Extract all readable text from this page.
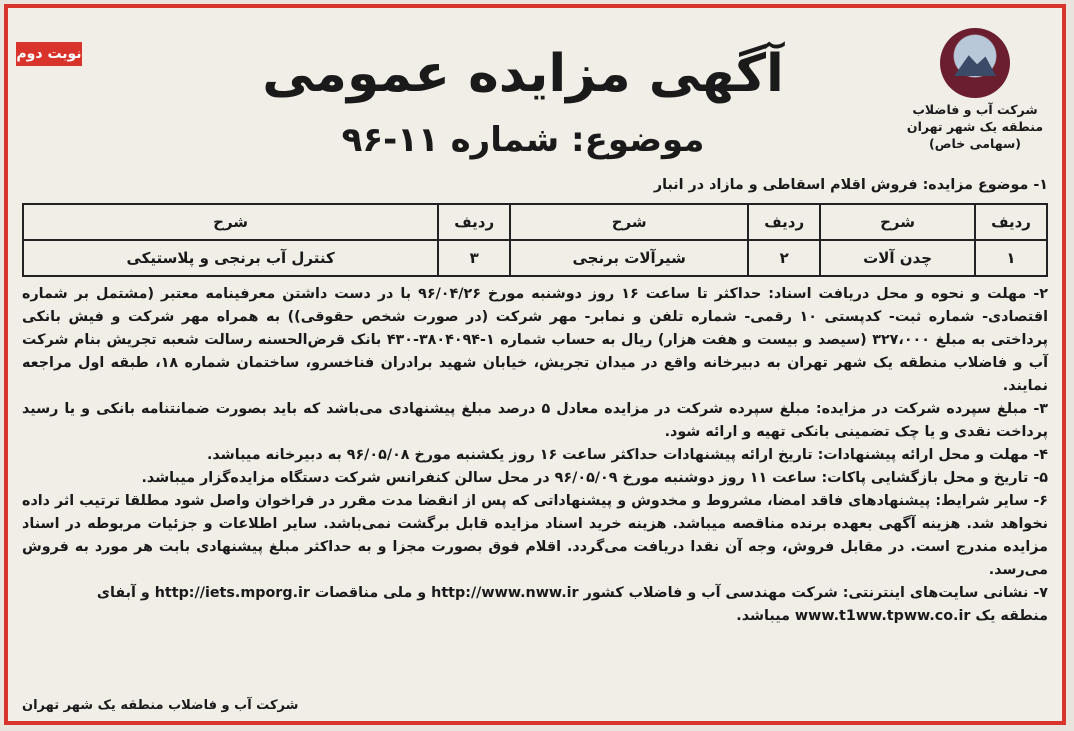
نوبت دوم
شرکت آب و فاضلاب
منطقه یک شهر تهران
(سهامی خاص)
آگهی مزایده عمومی
موضوع: شماره ۱۱-۹۶

۱- موضوع مزایده: فروش اقلام اسقاطی و مازاد در انبار

ردیف	شرح	ردیف	شرح	ردیف	شرح
۱	چدن آلات	۲	شیرآلات برنجی	۳	کنترل آب برنجی و پلاستیکی

۲- مهلت و نحوه و محل دریافت اسناد: حداکثر تا ساعت ۱۶ روز دوشنبه مورخ ۹۶/۰۴/۲۶ با در دست داشتن معرفینامه معتبر (مشتمل بر شماره اقتصادی- شماره ثبت- کدپستی ۱۰ رقمی- شماره تلفن و نمابر- مهر شرکت (در صورت شخص حقوقی)) به همراه مهر شرکت و فیش بانکی پرداختی به مبلغ ۳۲۷،۰۰۰ (سیصد و بیست و هفت هزار) ریال به حساب شماره ۱-۳۸۰۴۰۹۴-۴۳۰ بانک قرض‌الحسنه رسالت شعبه تجریش بنام شرکت آب و فاضلاب منطقه یک شهر تهران به دبیرخانه واقع در میدان تجریش، خیابان شهید برادران فناخسرو، ساختمان شماره ۱۸، طبقه اول مراجعه نمایند.

۳- مبلغ سپرده شرکت در مزایده: مبلغ سپرده شرکت در مزایده معادل ۵ درصد مبلغ پیشنهادی می‌باشد که باید بصورت ضمانتنامه بانکی و یا رسید پرداخت نقدی و یا چک تضمینی بانکی تهیه و ارائه شود.

۴- مهلت و محل ارائه پیشنهادات: تاریخ ارائه پیشنهادات حداکثر ساعت ۱۶ روز یکشنبه مورخ ۹۶/۰۵/۰۸ به دبیرخانه میباشد.

۵- تاریخ و محل بازگشایی پاکات: ساعت ۱۱ روز دوشنبه مورخ ۹۶/۰۵/۰۹ در محل سالن کنفرانس شرکت دستگاه مزایده‌گزار میباشد.

۶- سایر شرایط: پیشنهادهای فاقد امضا، مشروط و مخدوش و پیشنهاداتی که پس از انقضا مدت مقرر در فراخوان واصل شود مطلقا ترتیب اثر داده نخواهد شد. هزینه آگهی بعهده برنده مناقصه میباشد. هزینه خرید اسناد مزایده قابل برگشت نمی‌باشد. سایر اطلاعات و جزئیات مربوطه در اسناد مزایده مندرج است. در مقابل فروش، وجه آن نقدا دریافت می‌گردد. اقلام فوق بصورت مجزا و به حداکثر مبلغ پیشنهادی بابت هر مورد به فروش می‌رسد.

۷- نشانی سایت‌های اینترنتی: شرکت مهندسی آب و فاضلاب کشور http://www.nww.ir و ملی مناقصات http://iets.mporg.ir و آبفای

منطقه یک www.t1ww.tpww.co.ir میباشد.

شرکت آب و فاضلاب منطقه یک شهر تهران
